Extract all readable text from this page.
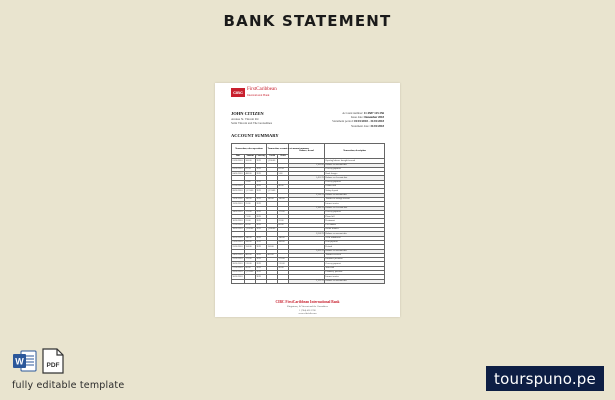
BANK STATEMENT
CIBC
FirstCaribbean
International Bank
JOHN CITIZEN
Avenue St. Vincent Rd
Saint Vincent and The Grenadines
Account number: 11 4587 125 256
Issue date: December 2018
Statement period: 01/01/2018 - 31/01/2018
Statement date: 31/01/2018
ACCOUNT SUMMARY
Transaction, when operations			Transaction, account as at amount summary		Balance, in and	Transaction, description
Date	Amount	Currency	Credit	Debit		
01/01/2018	300.00	XCD	1,200.00			Opening balance brought forward
					1,500.00	Balance on account date
03/01/2018	62.54	XCD		62.54		Grocery payment
04/01/2018	480.00	XCD		5.68		Bank charges
					1,431.78	Balance on Account date
	31.60	XCD				Grocery payment
07/01/2018		XCD		49.00		Utilities bill
08/01/2018	1,174.00	XCD	1,174.00			Salary deposit
					2,556.78	Balance on account date
11/01/2018	145.00	XCD	145.00	145.00		Transfer to savings account
12/01/2018	25.00	XCD				Internet service
					2,386.78	Balance on Account date
14/01/2018	175.00	XCD		175.00		Grocery payment
	71.00	XCD				Phone bill
16/01/2018	22.00	XCD		22.00		Restaurant
17/01/2018	60.00	XCD		60.00		Fuel station
18/01/2018	1,000.00	XCD	1,000.00			Online transfer
					3,058.78	Balance on account date
20/01/2018	140.00	XCD		140.00		ATM withdrawal
21/01/2018	280.00	XCD		280.00		Rent payment
22/01/2018	356.00	XCD	150.00			Refund
					2,432.78	Balance on account date
24/01/2018	405.00	XCD	405.00			Transfer received
25/01/2018	175.00	XCD		175.00		Insurance premium
26/01/2018	215.00	XCD		215.00		Grocery payment
27/01/2018	45.00	XCD		45.00		Water bill
29/01/2018	2,124.00	XCD				Pharmacy purchase
30/01/2018		XCD				Internet service
					2,122.78	Balance on account date
CIBC FirstCaribbean International Bank
Kingstown, St Vincent and the Grenadines
1 (784) 456 1706
www.cibcfcib.com
W	PDF
fully editable template	tourspuno.pe
